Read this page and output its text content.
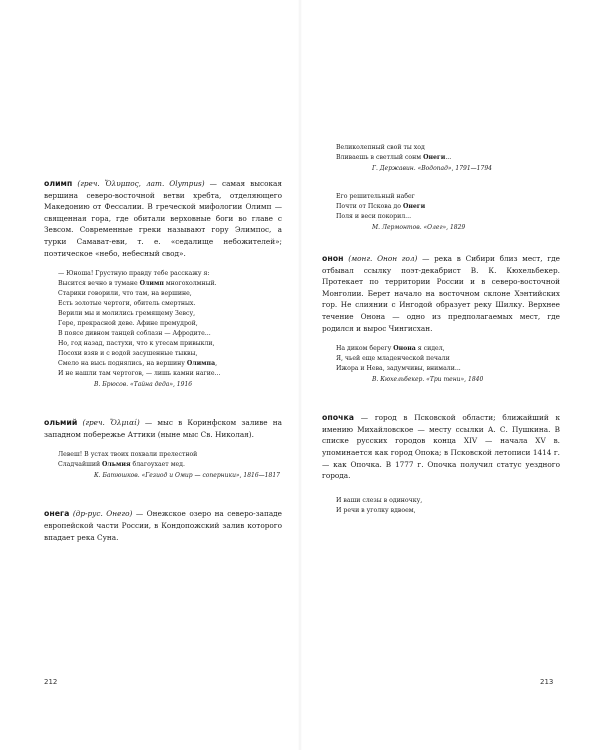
олимп (греч. Ὄλυμπος, лат. Olympus) — самая высокая вершина северо-восточной ветви хребта, отделяющего Македонию от Фессалии. В греческой мифологии Олимп — священная гора, где обитали верховные боги во главе с Зевсом. Современные греки называют гору Элимпос, а турки Самават-еви, т. е. «седалище небожителей»; поэтическое «небо, небесный свод».

— Юноша! Грустную правду тебе расскажу я:
Высится вечно в тумане Олимп многохолмный.
Старики говорили, что там, на вершине,
Есть золотые чертоги, обитель смертных.
Верили мы и молились гремящему Зевсу,
Гере, прекрасной деве. Афине премудрой,
В поясе дивном танцей соблазн — Афродите...
Но, год назад, пастухи, что к утесам привыкли,
Посохи взяв и с водой засушенные тыквы,
Смело на высь поднялись, на вершину Олимпа,
И не нашли там чертогов, — лишь камни нагие...
В. Брюсов. «Тайна деда», 1916

ольмий (греч. Ὄλμιαί) — мыс в Коринфском заливе на западном побережье Аттики (ныне мыс Св. Николая).

Левеш! В устах твоих похвали прелестной
Сладчайший Ольмия благоухает мед.
К. Батюшков. «Гезиод и Омир — соперники», 1816—1817

онега (др-рус. Онего) — Онежское озеро на северо-западе европейской части России, в Кондопожский залив которого впадает река Суна.

212
Великолепный свой ты ход
Вливаешь в светлый сонм Онеги...
Г. Державин. «Водопад», 1791—1794
Его решительный набег
Почти от Пскова до Онеги
Поля и веси покорил...
М. Лермонтов. «Олег», 1829

онон (монг. Онон гол) — река в Сибири близ мест, где отбывал ссылку поэт-декабрист В. К. Кюхельбекер. Протекает по территории России и в северо-восточной Монголии. Берет начало на восточном склоне Хэнтийских гор. Не слиянии с Ингодой образует реку Шилку. Верхнее течение Онона — одно из предполагаемых мест, где родился и вырос Чингисхан.

На диком берегу Онона я сидел,
Я, чьей еще младенческой печали
Ижора и Нева, задумчивы, внимали...
В. Кюхельбекер. «Три тени», 1840

опочка — город в Псковской области; ближайший к имению Михайловское — месту ссылки А. С. Пушкина. В списке русских городов конца XIV — начала XV в. упоминается как город Опока; в Псковской летописи 1414 г. — как Опочка. В 1777 г. Опочка получил статус уездного города.

И ваши слезы в одиночку,
И речи в уголку вдвоем,
213
